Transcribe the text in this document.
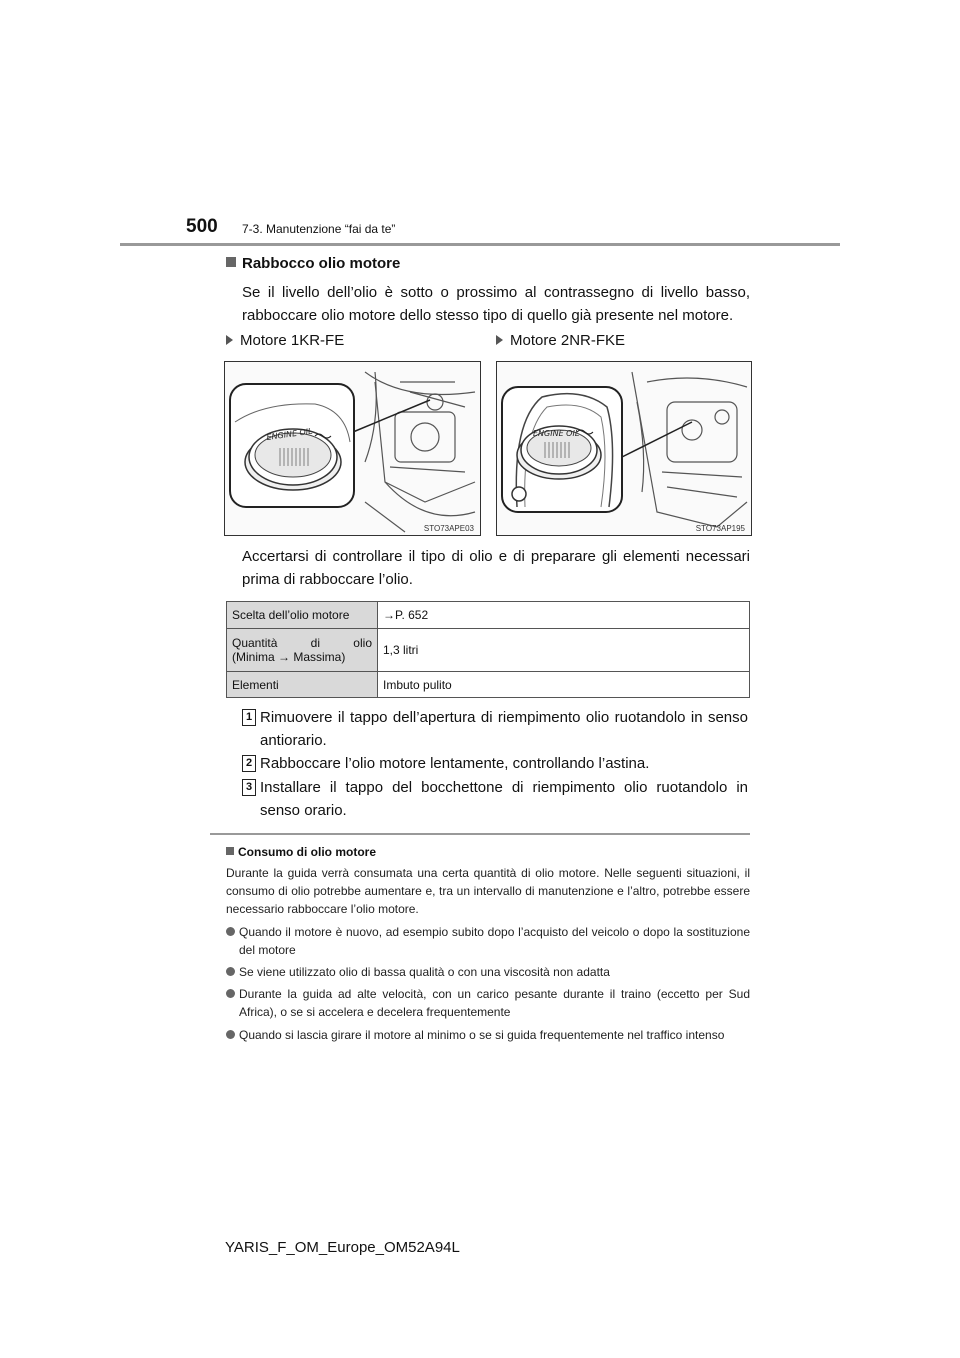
500 7-3. Manutenzione “fai da te”
Rabbocco olio motore
Se il livello dell’olio è sotto o prossimo al contrassegno di livello basso, rabboccare olio motore dello stesso tipo di quello già presente nel motore.
Motore 1KR-FE	Motore 2NR-FKE
ENGINE OIL
STO73APE03
ENGINE OIL
STO73AP195
Accertarsi di controllare il tipo di olio e di preparare gli elementi necessari prima di rabboccare l’olio.
Scelta dell’olio motore	→P. 652

Quantità di olio
(Minima → Massima)	1,3 litri
Elementi	Imbuto pulito
1 Rimuovere il tappo dell’apertura di riempimento olio ruotandolo in senso antiorario.
2 Rabboccare l’olio motore lentamente, controllando l’astina.
3 Installare il tappo del bocchettone di riempimento olio ruotandolo in senso orario.
Consumo di olio motore
Durante la guida verrà consumata una certa quantità di olio motore. Nelle seguenti situazioni, il consumo di olio potrebbe aumentare e, tra un intervallo di manutenzione e l’altro, potrebbe essere necessario rabboccare l’olio motore.
Quando il motore è nuovo, ad esempio subito dopo l’acquisto del veicolo o dopo la sostituzione del motore
Se viene utilizzato olio di bassa qualità o con una viscosità non adatta
Durante la guida ad alte velocità, con un carico pesante durante il traino (eccetto per Sud Africa), o se si accelera e decelera frequentemente
Quando si lascia girare il motore al minimo o se si guida frequentemente nel traffico intenso
YARIS_F_OM_Europe_OM52A94L
